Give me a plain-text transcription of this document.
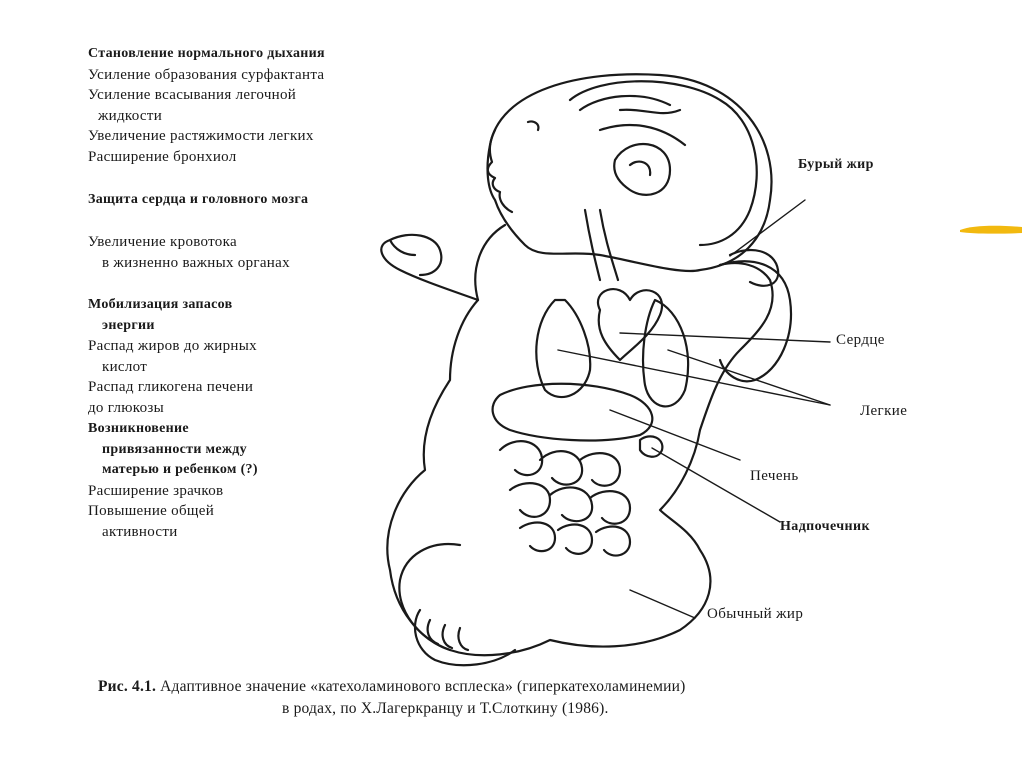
Становление нормального дыхания
Усиление образования сурфактанта
Усиление всасывания легочной
жидкости
Увеличение растяжимости легких
Расширение бронхиол
Защита сердца и головного мозга
Увеличение кровотока
в жизненно важных органах
Мобилизация запасов
энергии
Распад жиров до жирных
кислот
Распад гликогена печени
до глюкозы
Возникновение
привязанности между
матерью и ребенком (?)
Расширение зрачков
Повышение общей
активности
Бурый жир
Сердце
Легкие
Печень
Надпочечник
Обычный жир
Рис. 4.1. Адаптивное значение «катехоламинового всплеска» (гиперкатехоламинемии)
в родах, по Х.Лагеркранцу и Т.Слоткину (1986).
